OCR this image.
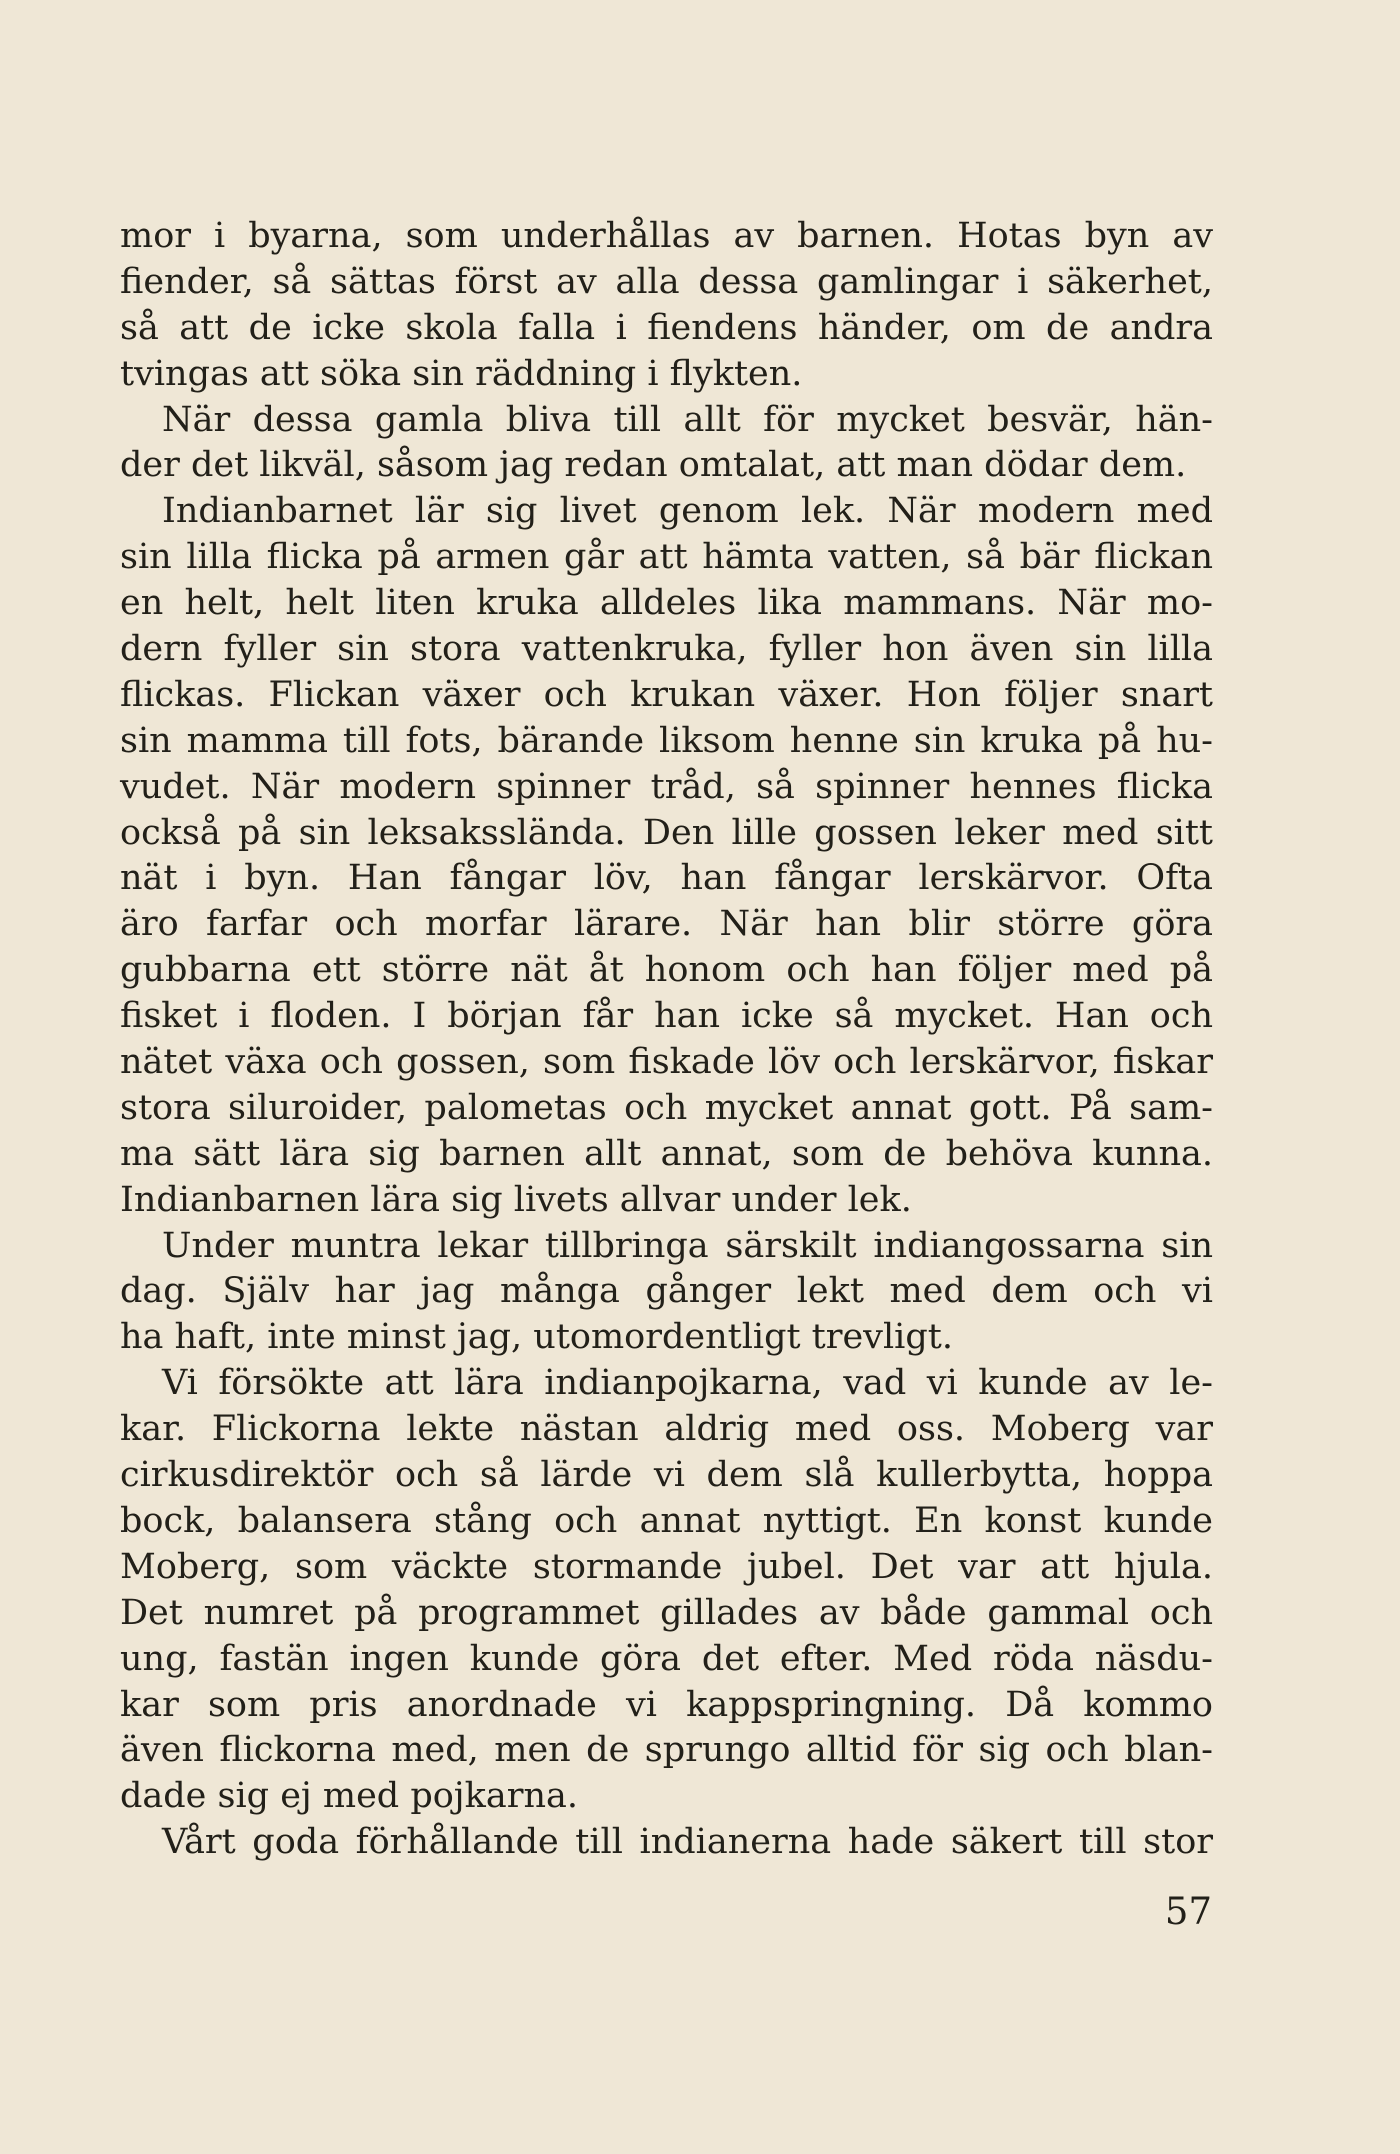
mor i byarna, som underhållas av barnen. Hotas byn av
fiender, så sättas först av alla dessa gamlingar i säkerhet,
så att de icke skola falla i fiendens händer, om de andra
tvingas att söka sin räddning i flykten.
När dessa gamla bliva till allt för mycket besvär, hän-
der det likväl, såsom jag redan omtalat, att man dödar dem.
Indianbarnet lär sig livet genom lek. När modern med
sin lilla flicka på armen går att hämta vatten, så bär flickan
en helt, helt liten kruka alldeles lika mammans. När mo-
dern fyller sin stora vattenkruka, fyller hon även sin lilla
flickas. Flickan växer och krukan växer. Hon följer snart
sin mamma till fots, bärande liksom henne sin kruka på hu-
vudet. När modern spinner tråd, så spinner hennes flicka
också på sin leksakssländа. Den lille gossen leker med sitt
nät i byn. Han fångar löv, han fångar lerskärvor. Ofta
äro farfar och morfar lärare. När han blir större göra
gubbarna ett större nät åt honom och han följer med på
fisket i floden. I början får han icke så mycket. Han och
nätet växa och gossen, som fiskade löv och lerskärvor, fiskar
stora siluroider, palometas och mycket annat gott. På sam-
ma sätt lära sig barnen allt annat, som de behöva kunna.
Indianbarnen lära sig livets allvar under lek.
Under muntra lekar tillbringa särskilt indiangossarna sin
dag. Själv har jag många gånger lekt med dem och vi
ha haft, inte minst jag, utomordentligt trevligt.
Vi försökte att lära indianpojkarna, vad vi kunde av le-
kar. Flickorna lekte nästan aldrig med oss. Moberg var
cirkusdirektör och så lärde vi dem slå kullerbytta, hoppa
bock, balansera stång och annat nyttigt. En konst kunde
Moberg, som väckte stormande jubel. Det var att hjula.
Det numret på programmet gillades av både gammal och
ung, fastän ingen kunde göra det efter. Med röda näsdu-
kar som pris anordnade vi kappspringning. Då kommo
även flickorna med, men de sprungo alltid för sig och blan-
dade sig ej med pojkarna.
Vårt goda förhållande till indianerna hade säkert till stor
57
